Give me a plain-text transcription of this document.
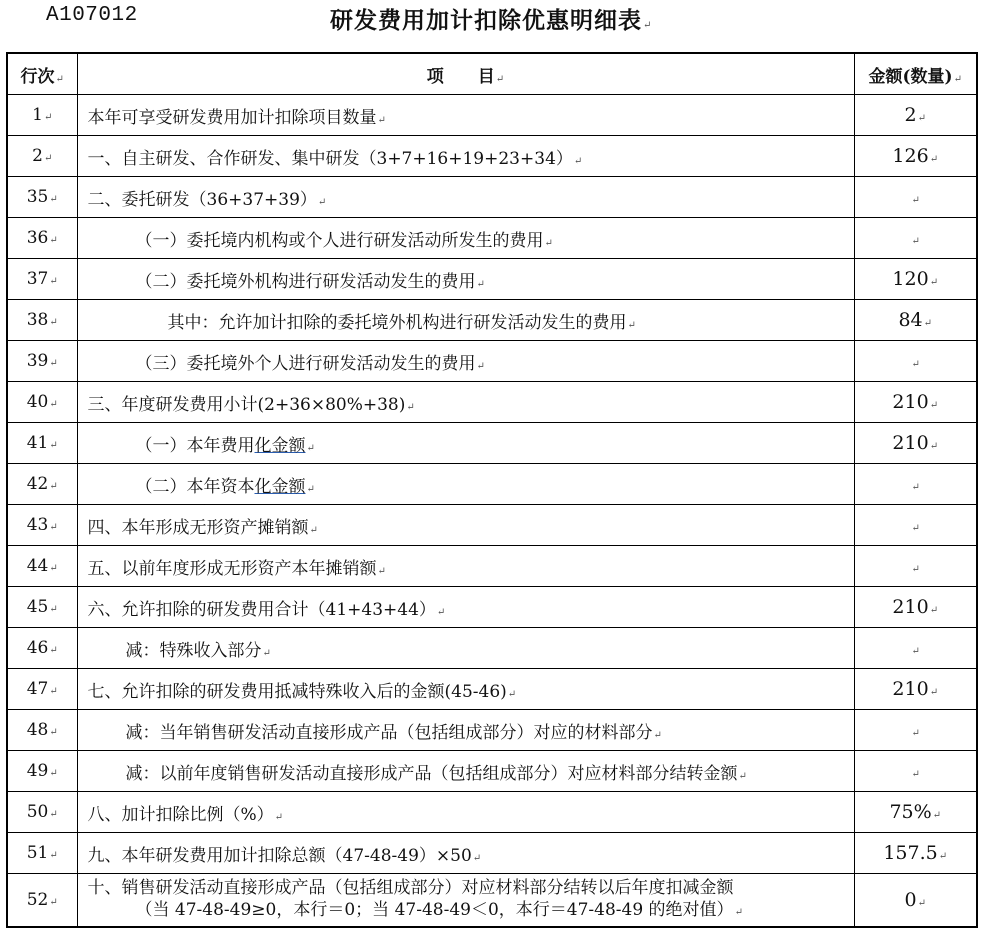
A107012	研发费用加计扣除优惠明细表↵
行次↵	项　　目↵	金额(数量)↵
1↵	本年可享受研发费用加计扣除项目数量↵	2↵
2↵	一、自主研发、合作研发、集中研发（3+7+16+19+23+34）↵	126↵
35↵	二、委托研发（36+37+39）↵	↵
36↵	（一）委托境内机构或个人进行研发活动所发生的费用↵	↵
37↵	（二）委托境外机构进行研发活动发生的费用↵	120↵
38↵	其中：允许加计扣除的委托境外机构进行研发活动发生的费用↵	84↵
39↵	（三）委托境外个人进行研发活动发生的费用↵	↵
40↵	三、年度研发费用小计(2+36×80%+38)↵	210↵
41↵	（一）本年费用化金额↵	210↵
42↵	（二）本年资本化金额↵	↵
43↵	四、本年形成无形资产摊销额↵	↵
44↵	五、以前年度形成无形资产本年摊销额↵	↵
45↵	六、允许扣除的研发费用合计（41+43+44）↵	210↵
46↵	减：特殊收入部分↵	↵
47↵	七、允许扣除的研发费用抵减特殊收入后的金额(45-46)↵	210↵
48↵	减：当年销售研发活动直接形成产品（包括组成部分）对应的材料部分↵	↵
49↵	减：以前年度销售研发活动直接形成产品（包括组成部分）对应材料部分结转金额↵	↵
50↵	八、加计扣除比例（%）↵	75%↵
51↵	九、本年研发费用加计扣除总额（47-48-49）×50↵	157.5↵
52↵	十、销售研发活动直接形成产品（包括组成部分）对应材料部分结转以后年度扣减金额
（当 47-48-49≥0，本行＝0；当 47-48-49＜0，本行＝47-48-49 的绝对值）↵	0↵
